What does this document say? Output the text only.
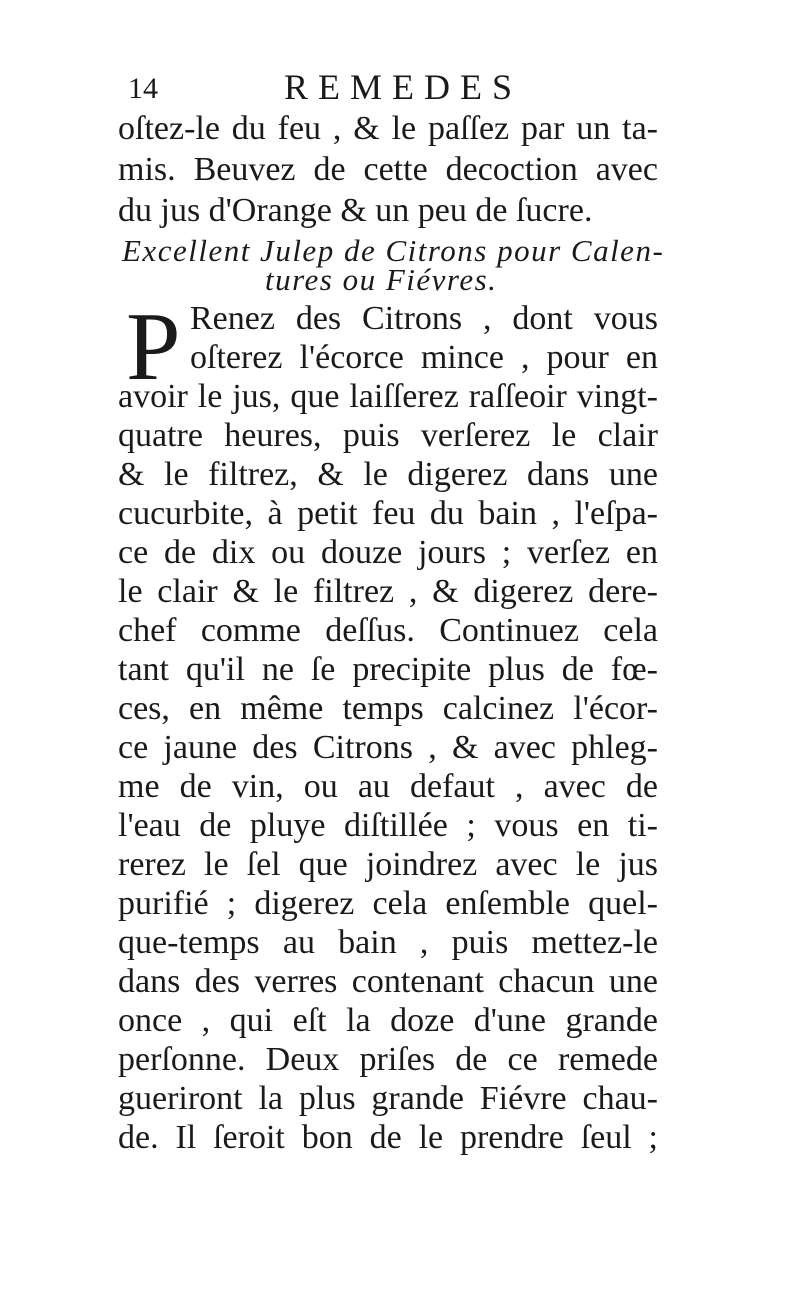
14	REMEDES
oſtez-le du feu , & le paſſez par un ta-
mis. Beuvez de cette decoction avec
du jus d'Orange & un peu de ſucre.
Excellent Julep de Citrons pour Calen-
tures ou Fiévres.
P Renez des Citrons , dont vous
oſterez l'écorce mince , pour en
avoir le jus, que laiſſerez raſſeoir vingt-
quatre heures, puis verſerez le clair
& le filtrez, & le digerez dans une
cucurbite, à petit feu du bain , l'eſpa-
ce de dix ou douze jours ; verſez en
le clair & le filtrez , & digerez dere-
chef comme deſſus. Continuez cela
tant qu'il ne ſe precipite plus de fœ-
ces, en même temps calcinez l'écor-
ce jaune des Citrons , & avec phleg-
me de vin, ou au defaut , avec de
l'eau de pluye diſtillée ; vous en ti-
rerez le ſel que joindrez avec le jus
purifié ; digerez cela enſemble quel-
que-temps au bain , puis mettez-le
dans des verres contenant chacun une
once , qui eſt la doze d'une grande
perſonne. Deux priſes de ce remede
gueriront la plus grande Fiévre chau-
de. Il ſeroit bon de le prendre ſeul ;
